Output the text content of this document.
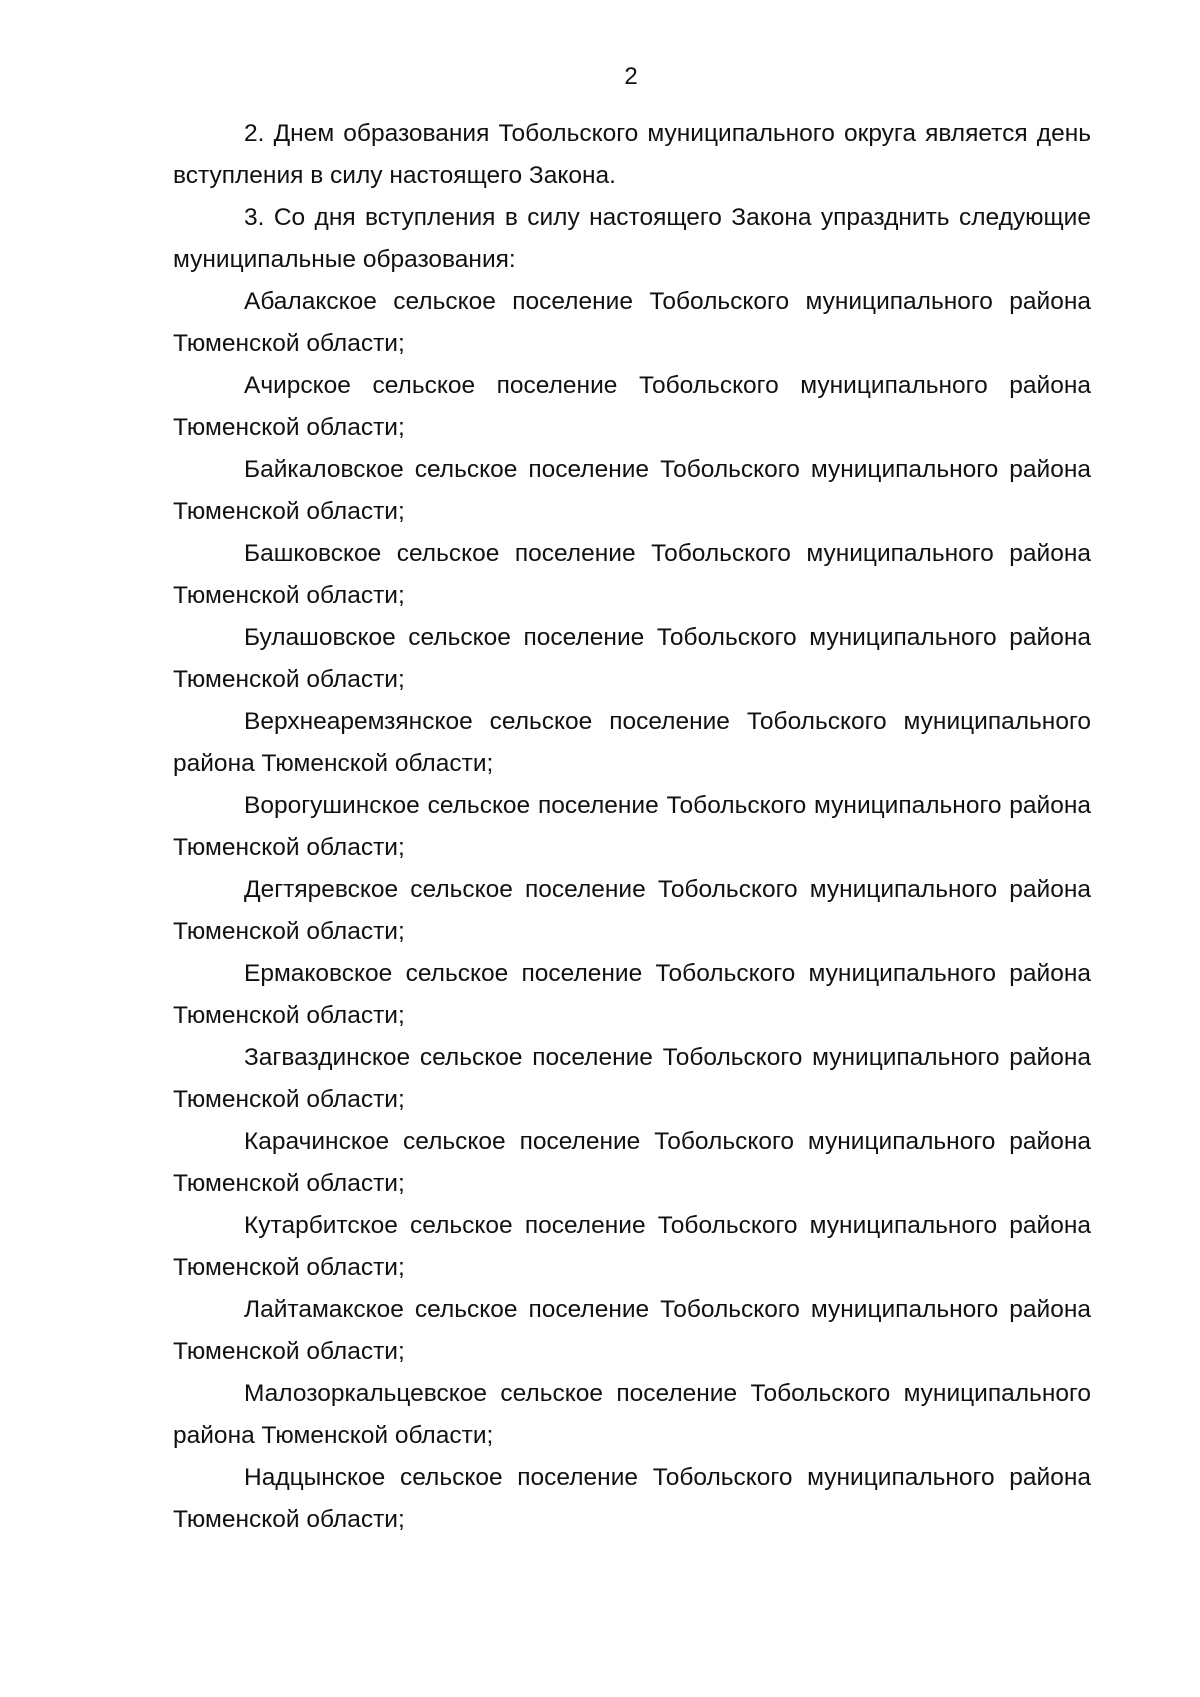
2

2. Днем образования Тобольского муниципального округа является день вступления в силу настоящего Закона.

3. Со дня вступления в силу настоящего Закона упразднить следующие муниципальные образования:

Абалакское сельское поселение Тобольского муниципального района Тюменской области;

Ачирское сельское поселение Тобольского муниципального района Тюменской области;

Байкаловское сельское поселение Тобольского муниципального района Тюменской области;

Башковское сельское поселение Тобольского муниципального района Тюменской области;

Булашовское сельское поселение Тобольского муниципального района Тюменской области;

Верхнеаремзянское сельское поселение Тобольского муниципального района Тюменской области;

Ворогушинское сельское поселение Тобольского муниципального района Тюменской области;

Дегтяревское сельское поселение Тобольского муниципального района Тюменской области;

Ермаковское сельское поселение Тобольского муниципального района Тюменской области;

Загваздинское сельское поселение Тобольского муниципального района Тюменской области;

Карачинское сельское поселение Тобольского муниципального района Тюменской области;

Кутарбитское сельское поселение Тобольского муниципального района Тюменской области;

Лайтамакское сельское поселение Тобольского муниципального района Тюменской области;

Малозоркальцевское сельское поселение Тобольского муниципального района Тюменской области;

Надцынское сельское поселение Тобольского муниципального района Тюменской области;
